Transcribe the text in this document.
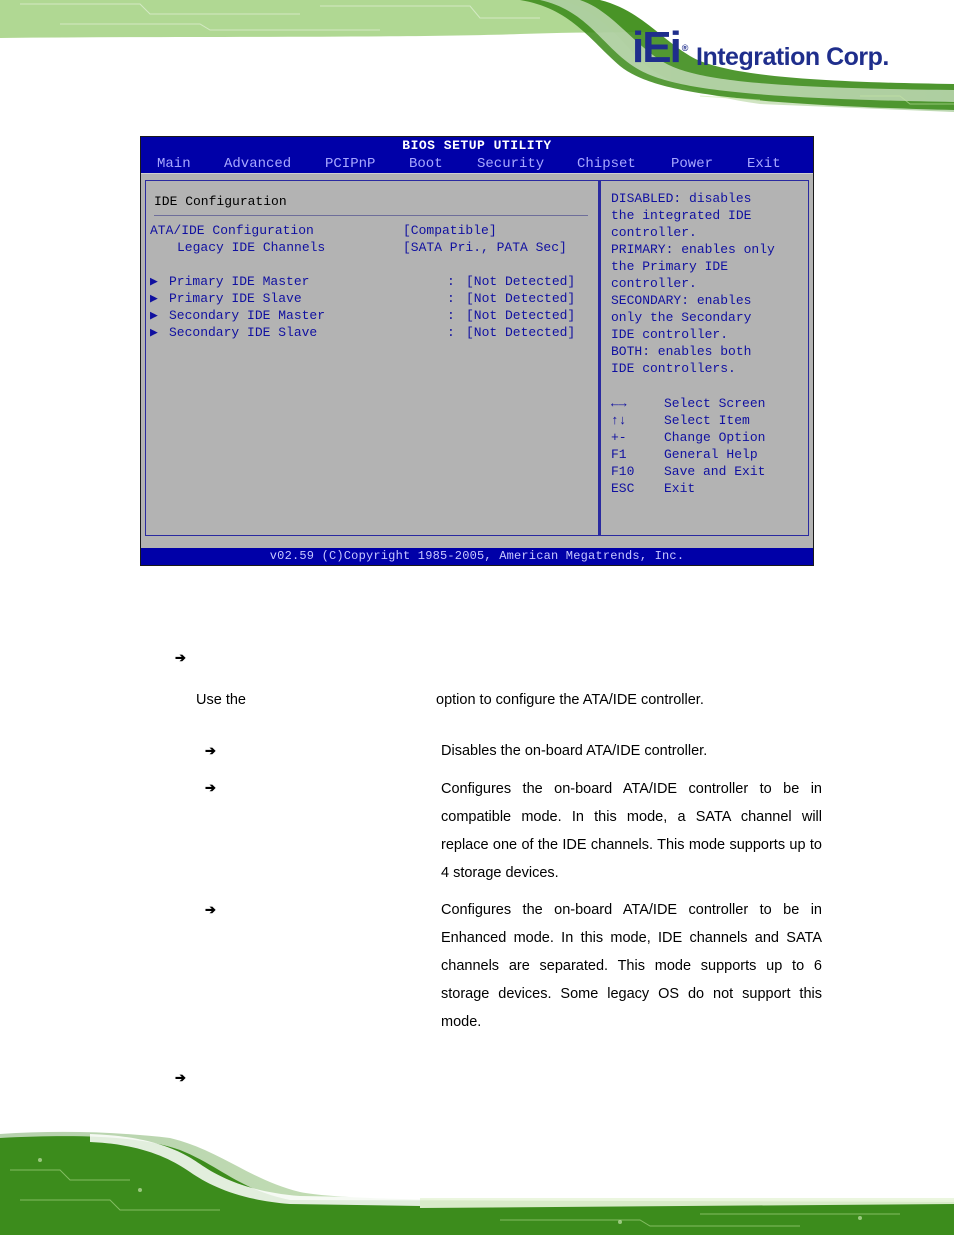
iEi ® Integration Corp.
BIOS SETUP UTILITY
Main Advanced PCIPnP Boot Security Chipset	Power Exit
IDE Configuration
ATA/IDE Configuration	[Compatible]
Legacy IDE Channels	[SATA Pri., PATA Sec]
▶ Primary IDE Master	: [Not Detected]
▶ Primary IDE Slave	: [Not Detected]
▶ Secondary IDE Master	: [Not Detected]
▶ Secondary IDE Slave	: [Not Detected]
DISABLED: disables
the integrated IDE
controller.
PRIMARY: enables only
the Primary IDE
controller.
SECONDARY: enables
only the Secondary
IDE controller.
BOTH: enables both
IDE controllers.
←→	Select Screen
↑↓	Select Item
+-	Change Option
F1	General Help
F10 Save and Exit
ESC Exit
v02.59 (C)Copyright 1985-2005, American Megatrends, Inc.
➔
Use the	option to configure the ATA/IDE controller.
➔	Disables the on-board ATA/IDE controller.
➔	Configures the on-board ATA/IDE controller to be in compatible mode. In this mode, a SATA channel will replace one of the IDE channels. This mode supports up to 4 storage devices.
➔	Configures the on-board ATA/IDE controller to be in Enhanced mode. In this mode, IDE channels and SATA channels are separated. This mode supports up to 6 storage devices. Some legacy OS do not support this mode.
➔
